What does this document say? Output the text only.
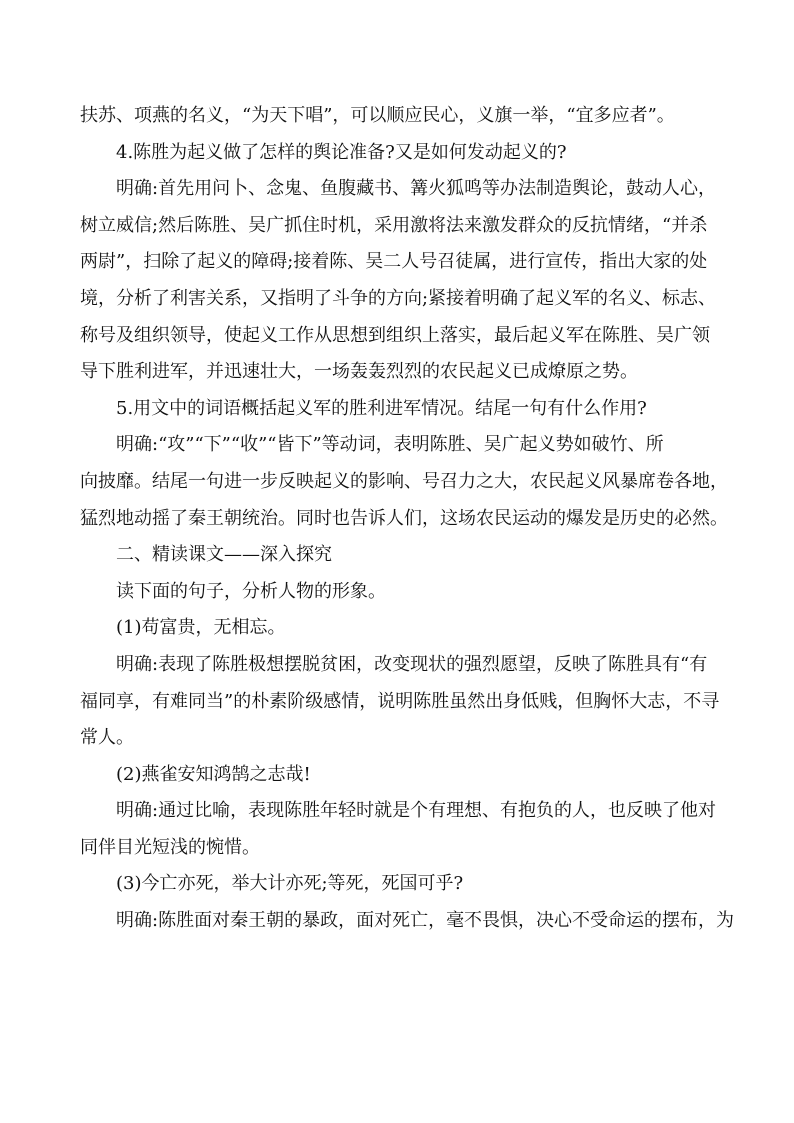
扶苏、项燕的名义，“为天下唱”，可以顺应民心，义旗一举，“宜多应者”。
4.陈胜为起义做了怎样的舆论准备?又是如何发动起义的?
明确:首先用问卜、念鬼、鱼腹藏书、篝火狐鸣等办法制造舆论，鼓动人心，
树立威信;然后陈胜、吴广抓住时机，采用激将法来激发群众的反抗情绪，“并杀
两尉”，扫除了起义的障碍;接着陈、吴二人号召徒属，进行宣传，指出大家的处
境，分析了利害关系，又指明了斗争的方向;紧接着明确了起义军的名义、标志、
称号及组织领导，使起义工作从思想到组织上落实，最后起义军在陈胜、吴广领
导下胜利进军，并迅速壮大，一场轰轰烈烈的农民起义已成燎原之势。
5.用文中的词语概括起义军的胜利进军情况。结尾一句有什么作用?
明确:“攻”“下”“收”“皆下”等动词，表明陈胜、吴广起义势如破竹、所
向披靡。结尾一句进一步反映起义的影响、号召力之大，农民起义风暴席卷各地，
猛烈地动摇了秦王朝统治。同时也告诉人们，这场农民运动的爆发是历史的必然。
二、精读课文——深入探究
读下面的句子，分析人物的形象。
(1)苟富贵，无相忘。
明确:表现了陈胜极想摆脱贫困，改变现状的强烈愿望，反映了陈胜具有“有
福同享，有难同当”的朴素阶级感情，说明陈胜虽然出身低贱，但胸怀大志，不寻
常人。
(2)燕雀安知鸿鹄之志哉!
明确:通过比喻，表现陈胜年轻时就是个有理想、有抱负的人，也反映了他对
同伴目光短浅的惋惜。
(3)今亡亦死，举大计亦死;等死，死国可乎?
明确:陈胜面对秦王朝的暴政，面对死亡，毫不畏惧，决心不受命运的摆布，为
